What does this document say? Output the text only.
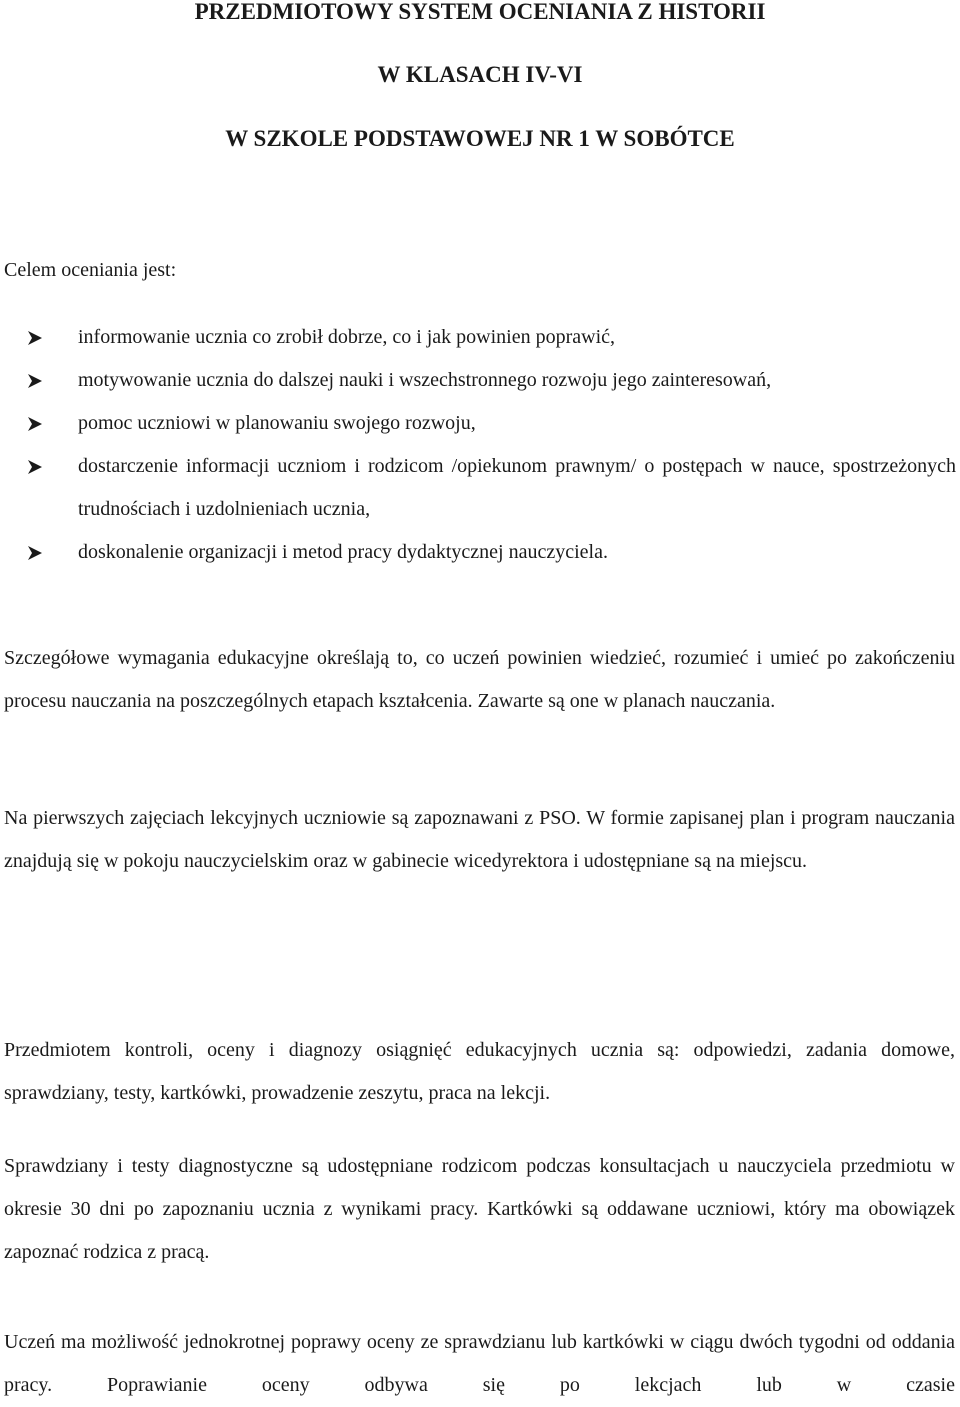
PRZEDMIOTOWY SYSTEM OCENIANIA Z HISTORII
W KLASACH IV-VI
W SZKOLE PODSTAWOWEJ NR 1 W SOBÓTCE

Celem oceniania jest:

informowanie ucznia co zrobił dobrze, co i jak powinien poprawić,
motywowanie ucznia do dalszej nauki i wszechstronnego rozwoju jego zainteresowań,
pomoc uczniowi w planowaniu swojego rozwoju,
dostarczenie informacji uczniom i rodzicom /opiekunom prawnym/ o postępach w nauce, spostrzeżonych trudnościach i uzdolnieniach ucznia,
doskonalenie organizacji i metod pracy dydaktycznej nauczyciela.

Szczegółowe wymagania edukacyjne określają to, co uczeń powinien wiedzieć, rozumieć i umieć po zakończeniu procesu nauczania na poszczególnych etapach kształcenia. Zawarte są one w planach nauczania.

Na pierwszych zajęciach lekcyjnych uczniowie są zapoznawani z PSO. W formie zapisanej plan i program nauczania znajdują się w pokoju nauczycielskim oraz w gabinecie wicedyrektora i udostępniane są na miejscu.

Przedmiotem kontroli, oceny i diagnozy osiągnięć edukacyjnych ucznia są: odpowiedzi, zadania domowe, sprawdziany, testy, kartkówki, prowadzenie zeszytu, praca na lekcji.

Sprawdziany i testy diagnostyczne są udostępniane rodzicom podczas konsultacjach u nauczyciela przedmiotu w okresie 30 dni po zapoznaniu ucznia z wynikami pracy. Kartkówki są oddawane uczniowi, który ma obowiązek zapoznać rodzica z pracą.

Uczeń ma możliwość jednokrotnej poprawy oceny ze sprawdzianu lub kartkówki w ciągu dwóch tygodni od oddania pracy. Poprawianie oceny odbywa się po lekcjach lub w czasie
